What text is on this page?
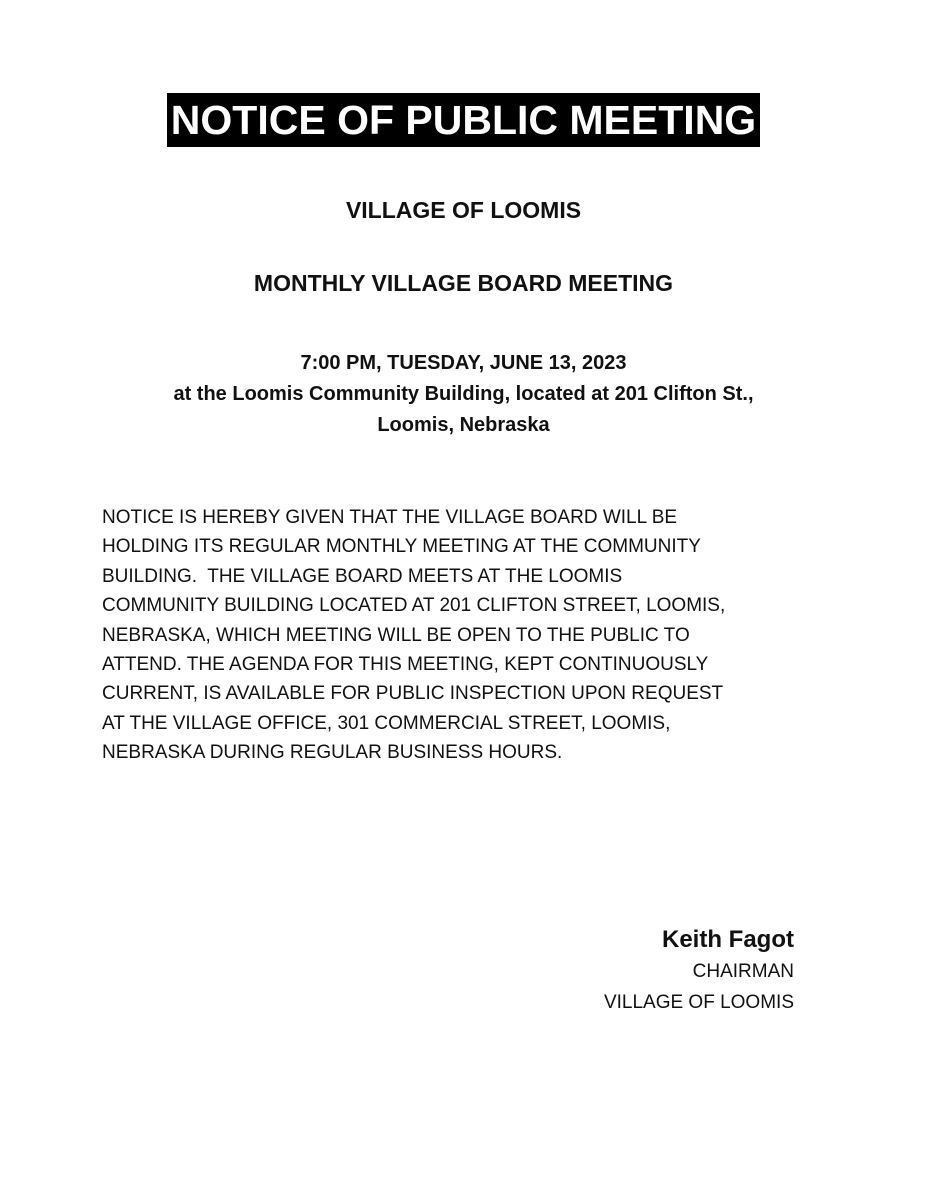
NOTICE OF PUBLIC MEETING
VILLAGE OF LOOMIS
MONTHLY VILLAGE BOARD MEETING
7:00 PM, TUESDAY, JUNE 13, 2023
at the Loomis Community Building, located at 201 Clifton St.,
Loomis, Nebraska
NOTICE IS HEREBY GIVEN THAT THE VILLAGE BOARD WILL BE
HOLDING ITS REGULAR MONTHLY MEETING AT THE COMMUNITY
BUILDING.  THE VILLAGE BOARD MEETS AT THE LOOMIS
COMMUNITY BUILDING LOCATED AT 201 CLIFTON STREET, LOOMIS,
NEBRASKA, WHICH MEETING WILL BE OPEN TO THE PUBLIC TO
ATTEND. THE AGENDA FOR THIS MEETING, KEPT CONTINUOUSLY
CURRENT, IS AVAILABLE FOR PUBLIC INSPECTION UPON REQUEST
AT THE VILLAGE OFFICE, 301 COMMERCIAL STREET, LOOMIS,
NEBRASKA DURING REGULAR BUSINESS HOURS.
Keith Fagot
CHAIRMAN
VILLAGE OF LOOMIS
